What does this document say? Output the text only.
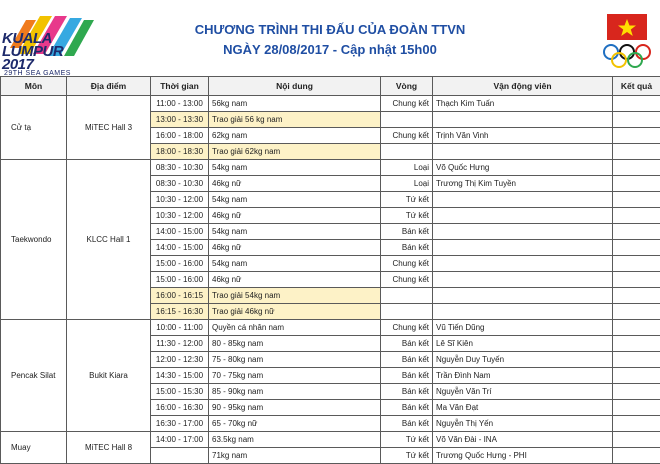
KUALA
LUMPUR
2017
29TH SEA GAMES
CHƯƠNG TRÌNH THI ĐẤU CỦA ĐOÀN TTVN
NGÀY 28/08/2017 - Cập nhật 15h00
Môn	Địa điểm	Thời gian	Nội dung	Vòng	Vận động viên	Kết quả
Cử tạ	MiTEC Hall 3	11:00 - 13:00	56kg nam	Chung kết	Thạch Kim Tuấn	
		13:00 - 13:30	Trao giải 56 kg nam			
		16:00 - 18:00	62kg nam	Chung kết	Trịnh Văn Vinh	
		18:00 - 18:30	Trao giải 62kg nam			
Taekwondo	KLCC Hall 1	08:30 - 10:30	54kg nam	Loại	Võ Quốc Hưng	
		08:30 - 10:30	46kg nữ	Loại	Trương Thị Kim Tuyền	
		10:30 - 12:00	54kg nam	Tứ kết		
		10:30 - 12:00	46kg nữ	Tứ kết		
		14:00 - 15:00	54kg nam	Bán kết		
		14:00 - 15:00	46kg nữ	Bán kết		
		15:00 - 16:00	54kg nam	Chung kết		
		15:00 - 16:00	46kg nữ	Chung kết		
		16:00 - 16:15	Trao giải 54kg nam			
		16:15 - 16:30	Trao giải 46kg nữ			
Pencak Silat	Bukit Kiara	10:00 - 11:00	Quyền cá nhân nam	Chung kết	Vũ Tiến Dũng	
		11:30 - 12:00	80 - 85kg nam	Bán kết	Lê Sĩ Kiên	
		12:00 - 12:30	75 - 80kg nam	Bán kết	Nguyễn Duy Tuyến	
		14:30 - 15:00	70 - 75kg nam	Bán kết	Trần Đình Nam	
		15:00 - 15:30	85 - 90kg nam	Bán kết	Nguyễn Văn Trí	
		16:00 - 16:30	90 - 95kg nam	Bán kết	Ma Văn Đạt	
		16:30 - 17:00	65 - 70kg nữ	Bán kết	Nguyễn Thị Yến	
Muay	MiTEC Hall 8	14:00 - 17:00	63.5kg nam	Tứ kết	Võ Văn Đài - INA	
			71kg nam	Tứ kết	Trương Quốc Hưng - PHI	
